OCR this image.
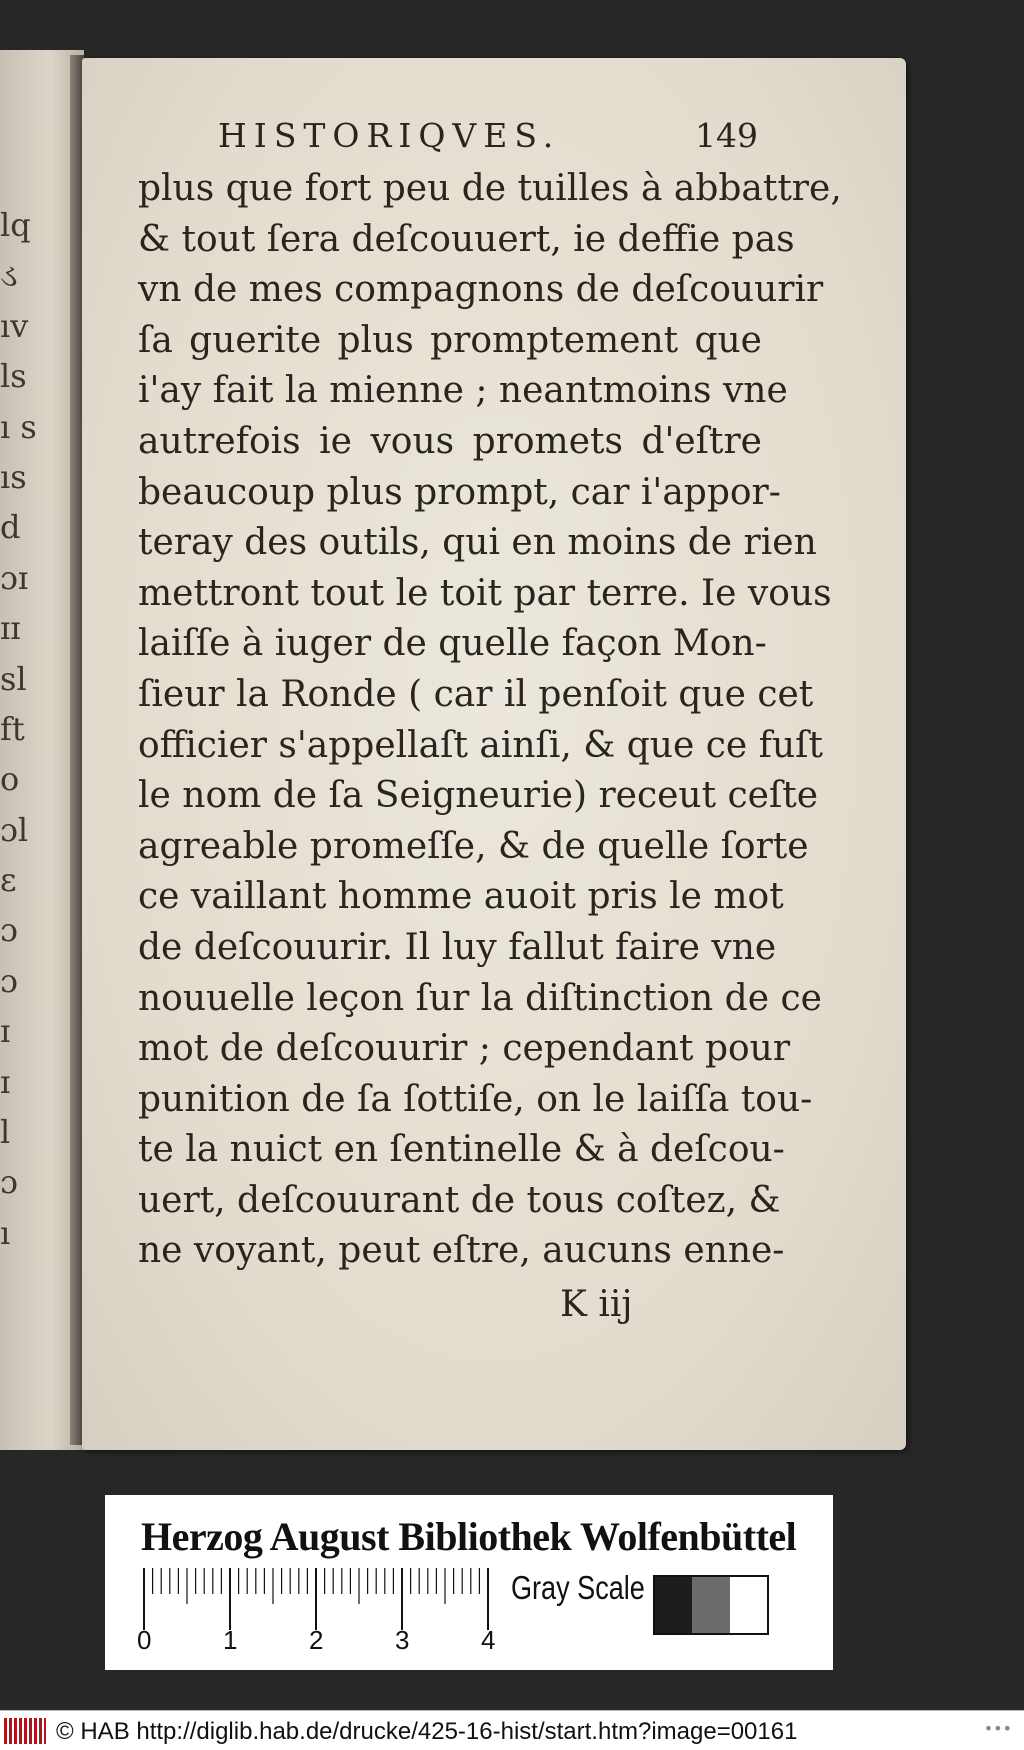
lq
ડ
ıv
ls
ı s
ıs
d
ɔɪ
ɪɪ
sl
ft
o
ɔl
ɛ
ɔ
ɔ
ɪ
ɪ
l
ɔ
ı
HISTORIQVES.	149
plus que fort peu de tuilles à abbattre,
& tout ſera deſcouuert, ie deffie pas
vn de mes compagnons de deſcouurir
ſa guerite plus promptement que
i'ay fait la mienne ; neantmoins vne
autrefois ie vous promets d'eſtre
beaucoup plus prompt, car i'appor-
teray des outils, qui en moins de rien
mettront tout le toit par terre. Ie vous
laiſſe à iuger de quelle façon Mon-
ſieur la Ronde ( car il penſoit que cet
officier s'appellaſt ainſi, & que ce fuſt
le nom de ſa Seigneurie) receut ceſte
agreable promeſſe, & de quelle ſorte
ce vaillant homme auoit pris le mot
de deſcouurir. Il luy fallut faire vne
nouuelle leçon ſur la diſtinction de ce
mot de deſcouurir ; cependant pour
punition de ſa ſottiſe, on le laiſſa tou-
te la nuict en ſentinelle & à deſcou-
uert, deſcouurant de tous coſtez, &
ne voyant, peut eſtre, aucuns enne-
K iij
Herzog August Bibliothek Wolfenbüttel
0	1	2	3	4
Gray Scale
© HAB http://diglib.hab.de/drucke/425-16-hist/start.htm?image=00161	•••
